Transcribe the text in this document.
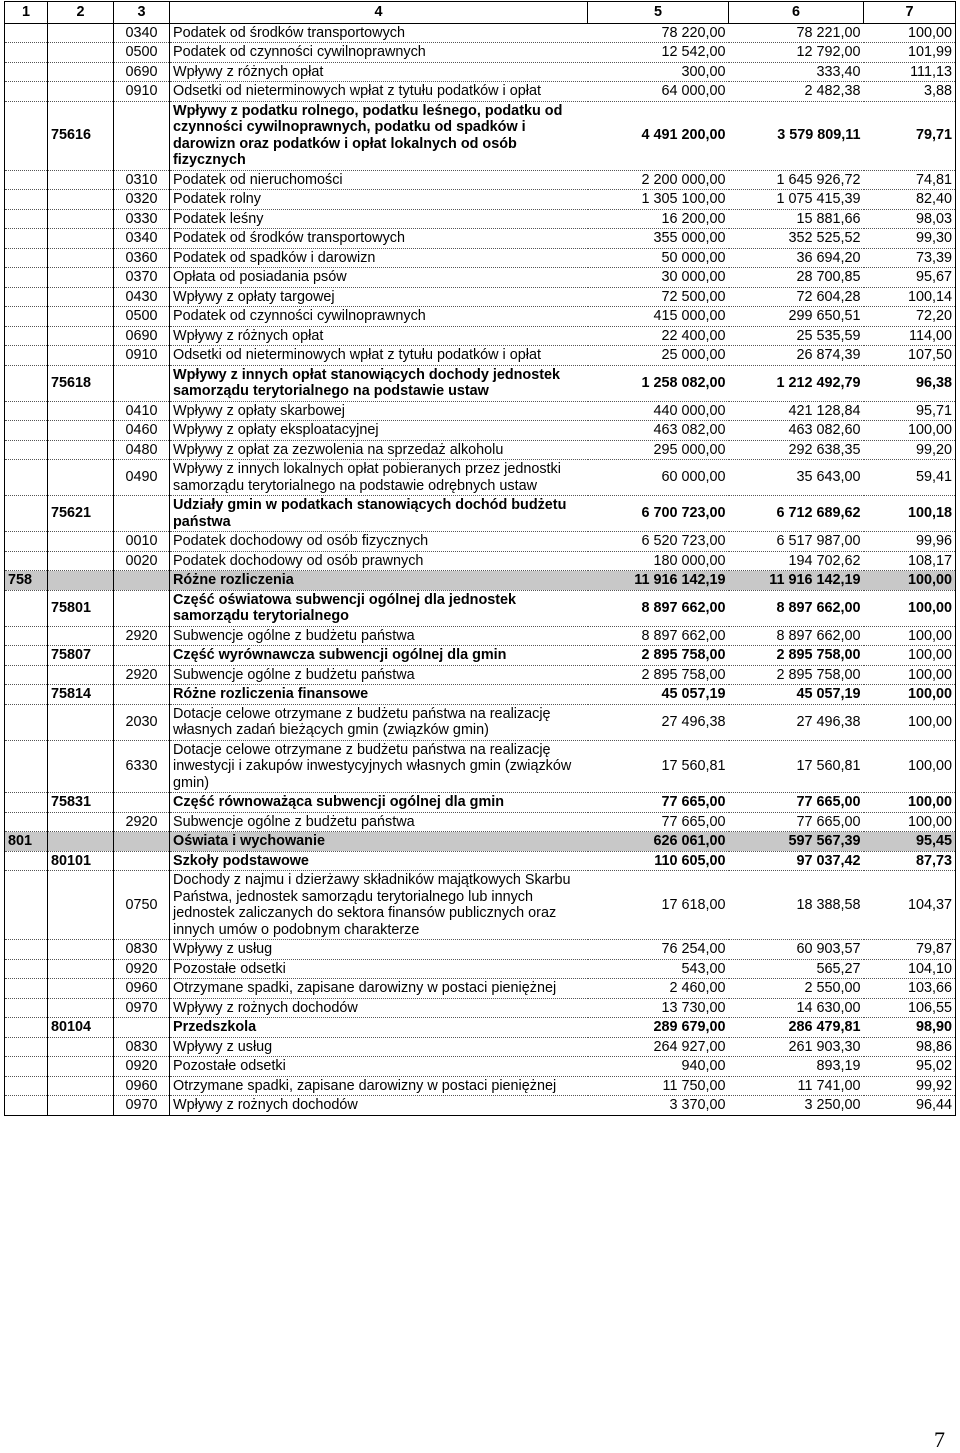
1	2	3	4	5	6	7
		0340	Podatek od środków transportowych	78 220,00	78 221,00	100,00
		0500	Podatek od czynności cywilnoprawnych	12 542,00	12 792,00	101,99
		0690	Wpływy z różnych opłat	300,00	333,40	111,13
		0910	Odsetki od nieterminowych wpłat z tytułu podatków i opłat	64 000,00	2 482,38	3,88
	75616		Wpływy z podatku rolnego, podatku leśnego, podatku od czynności cywilnoprawnych, podatku od spadków i darowizn oraz podatków i opłat lokalnych od osób fizycznych	4 491 200,00	3 579 809,11	79,71
		0310	Podatek od nieruchomości	2 200 000,00	1 645 926,72	74,81
		0320	Podatek rolny	1 305 100,00	1 075 415,39	82,40
		0330	Podatek leśny	16 200,00	15 881,66	98,03
		0340	Podatek od środków transportowych	355 000,00	352 525,52	99,30
		0360	Podatek od spadków i darowizn	50 000,00	36 694,20	73,39
		0370	Opłata od posiadania psów	30 000,00	28 700,85	95,67
		0430	Wpływy z opłaty targowej	72 500,00	72 604,28	100,14
		0500	Podatek od czynności cywilnoprawnych	415 000,00	299 650,51	72,20
		0690	Wpływy z różnych opłat	22 400,00	25 535,59	114,00
		0910	Odsetki od nieterminowych wpłat z tytułu podatków i opłat	25 000,00	26 874,39	107,50
	75618		Wpływy z innych opłat stanowiących dochody jednostek samorządu terytorialnego na podstawie ustaw	1 258 082,00	1 212 492,79	96,38
		0410	Wpływy z opłaty skarbowej	440 000,00	421 128,84	95,71
		0460	Wpływy z opłaty eksploatacyjnej	463 082,00	463 082,60	100,00
		0480	Wpływy z opłat za zezwolenia na sprzedaż alkoholu	295 000,00	292 638,35	99,20
		0490	Wpływy z innych lokalnych opłat pobieranych przez jednostki samorządu terytorialnego na podstawie odrębnych ustaw	60 000,00	35 643,00	59,41
	75621		Udziały gmin w podatkach stanowiących dochód budżetu państwa	6 700 723,00	6 712 689,62	100,18
		0010	Podatek dochodowy od osób fizycznych	6 520 723,00	6 517 987,00	99,96
		0020	Podatek dochodowy od osób prawnych	180 000,00	194 702,62	108,17
758			Różne rozliczenia	11 916 142,19	11 916 142,19	100,00
	75801		Część oświatowa subwencji ogólnej dla jednostek samorządu terytorialnego	8 897 662,00	8 897 662,00	100,00
		2920	Subwencje ogólne z budżetu państwa	8 897 662,00	8 897 662,00	100,00
	75807		Część wyrównawcza subwencji ogólnej dla gmin	2 895 758,00	2 895 758,00	100,00
		2920	Subwencje ogólne z budżetu państwa	2 895 758,00	2 895 758,00	100,00
	75814		Różne rozliczenia finansowe	45 057,19	45 057,19	100,00
		2030	Dotacje celowe otrzymane z budżetu państwa na realizację własnych zadań bieżących gmin (związków gmin)	27 496,38	27 496,38	100,00
		6330	Dotacje celowe otrzymane z budżetu państwa na realizację inwestycji i zakupów inwestycyjnych własnych gmin (związków gmin)	17 560,81	17 560,81	100,00
	75831		Część równoważąca subwencji ogólnej dla gmin	77 665,00	77 665,00	100,00
		2920	Subwencje ogólne z budżetu państwa	77 665,00	77 665,00	100,00
801			Oświata i wychowanie	626 061,00	597 567,39	95,45
	80101		Szkoły podstawowe	110 605,00	97 037,42	87,73
		0750	Dochody z najmu i dzierżawy składników majątkowych Skarbu Państwa, jednostek samorządu terytorialnego lub innych jednostek zaliczanych do sektora finansów publicznych oraz innych umów o podobnym charakterze	17 618,00	18 388,58	104,37
		0830	Wpływy z usług	76 254,00	60 903,57	79,87
		0920	Pozostałe odsetki	543,00	565,27	104,10
		0960	Otrzymane spadki, zapisane darowizny w postaci pieniężnej	2 460,00	2 550,00	103,66
		0970	Wpływy z rożnych dochodów	13 730,00	14 630,00	106,55
	80104		Przedszkola	289 679,00	286 479,81	98,90
		0830	Wpływy z usług	264 927,00	261 903,30	98,86
		0920	Pozostałe odsetki	940,00	893,19	95,02
		0960	Otrzymane spadki, zapisane darowizny w postaci pieniężnej	11 750,00	11 741,00	99,92
		0970	Wpływy z rożnych dochodów	3 370,00	3 250,00	96,44
7
